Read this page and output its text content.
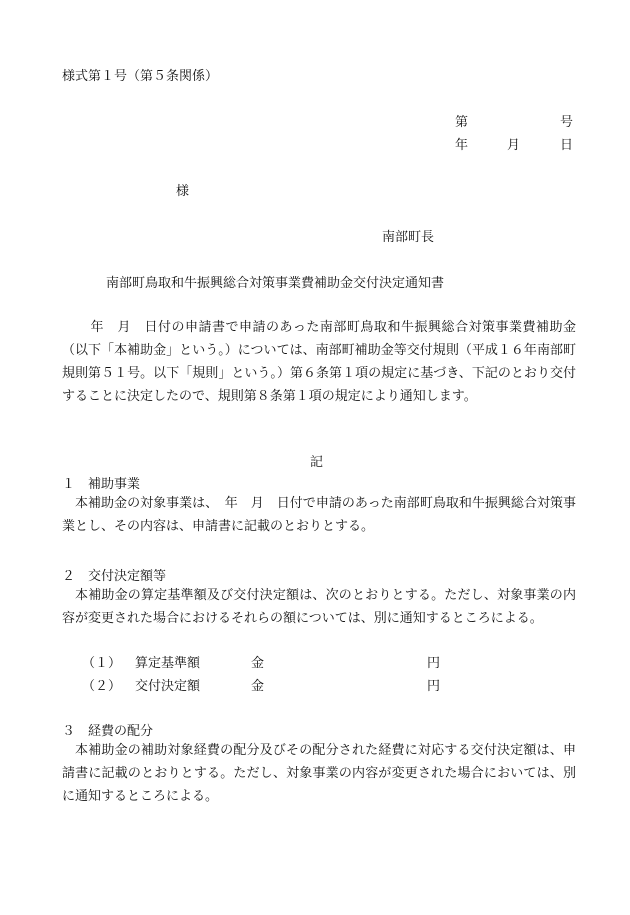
様式第１号（第５条関係）
第	号
年	月	日
様
南部町長
南部町鳥取和牛振興総合対策事業費補助金交付決定通知書
年　月　日付の申請書で申請のあった南部町鳥取和牛振興総合対策事業費補助金（以下「本補助金」という。）については、南部町補助金等交付規則（平成１６年南部町規則第５１号。以下「規則」という。）第６条第１項の規定に基づき、下記のとおり交付することに決定したので、規則第８条第１項の規定により通知します。
記
１　補助事業
本補助金の対象事業は、　年　月　日付で申請のあった南部町鳥取和牛振興総合対策事業とし、その内容は、申請書に記載のとおりとする。
２　交付決定額等
本補助金の算定基準額及び交付決定額は、次のとおりとする。ただし、対象事業の内容が変更された場合におけるそれらの額については、別に通知するところによる。
（１） 算定基準額	金	円
（２） 交付決定額	金	円
３　経費の配分
本補助金の補助対象経費の配分及びその配分された経費に対応する交付決定額は、申請書に記載のとおりとする。ただし、対象事業の内容が変更された場合においては、別に通知するところによる。
